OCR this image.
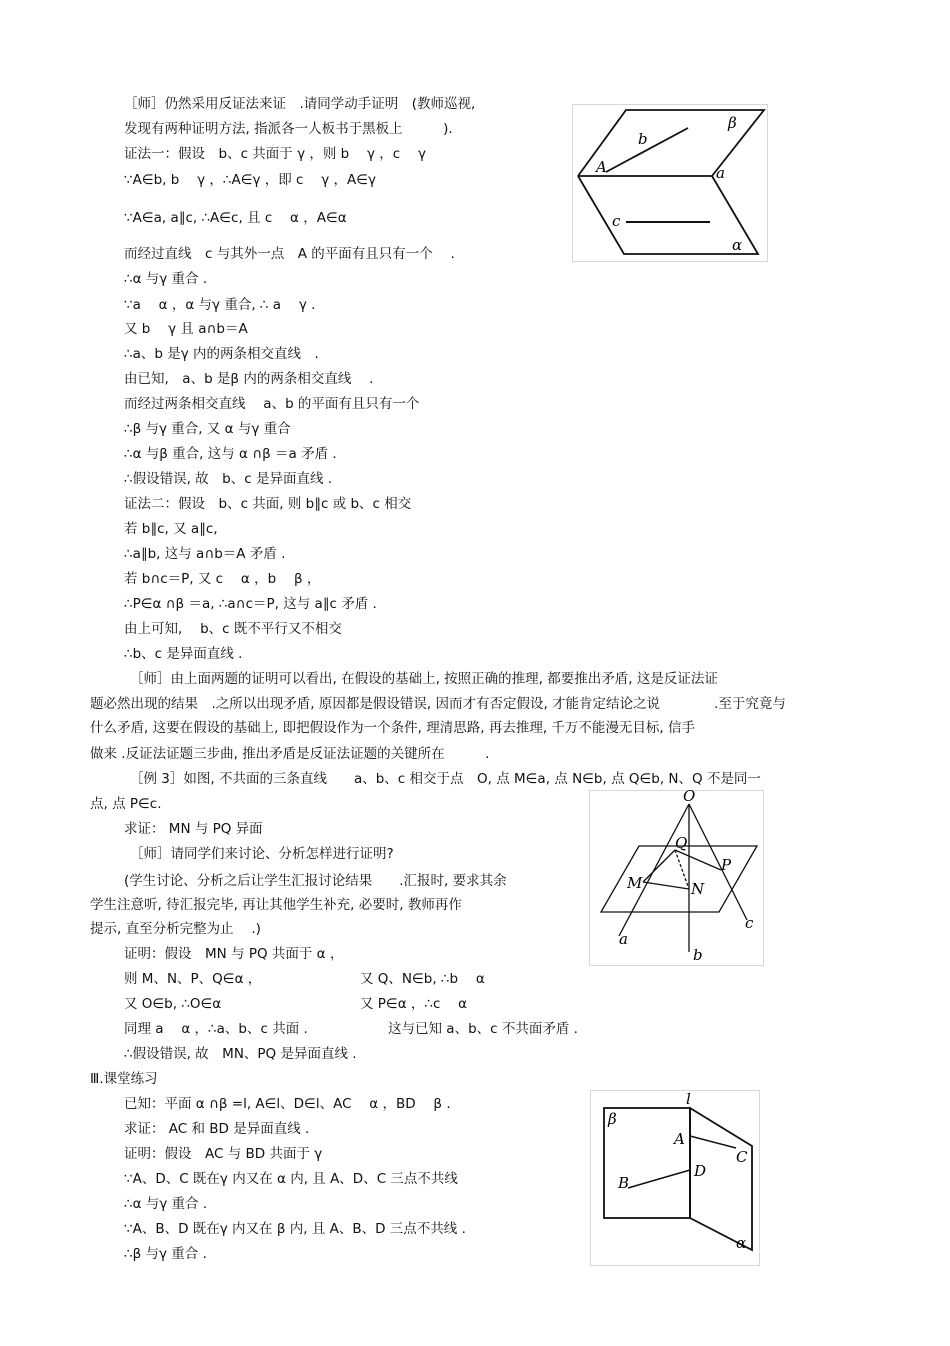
［师］仍然采用反证法来证　.请同学动手证明　(教师巡视,
发现有两种证明方法, 指派各一人板书于黑板上　　　).
证法一：假设　b、c 共面于 γ ，则 b　 γ ，c　 γ
∵A∈b, b　 γ ，∴A∈γ ，即 c　 γ ，A∈γ
∵A∈a, a∥c, ∴A∈c, 且 c　 α ，A∈α
而经过直线　c 与其外一点　A 的平面有且只有一个　 .
∴α 与γ 重合 .
∵a　 α ，α 与γ 重合, ∴ a　 γ .
又 b　 γ 且 a∩b＝A
∴a、b 是γ 内的两条相交直线　.
由已知,　a、b 是β 内的两条相交直线　 .
而经过两条相交直线　 a、b 的平面有且只有一个
∴β 与γ 重合, 又 α 与γ 重合
∴α 与β 重合, 这与 α ∩β ＝a 矛盾 .
∴假设错误, 故　b、c 是异面直线 .
证法二：假设　b、c 共面, 则 b∥c 或 b、c 相交
若 b∥c, 又 a∥c,
∴a∥b, 这与 a∩b＝A 矛盾 .
若 b∩c＝P, 又 c　 α ，b　 β ，
∴P∈α ∩β ＝a, ∴a∩c＝P, 这与 a∥c 矛盾 .
由上可知,　 b、c 既不平行又不相交
∴b、c 是异面直线 .
［师］由上面两题的证明可以看出, 在假设的基础上, 按照正确的推理, 都要推出矛盾, 这是反证法证
题必然出现的结果　.之所以出现矛盾, 原因都是假设错误, 因而才有否定假设, 才能肯定结论之说　　　　.至于究竟与
什么矛盾, 这要在假设的基础上, 即把假设作为一个条件, 理清思路, 再去推理, 千万不能漫无目标, 信手
做来 .反证法证题三步曲, 推出矛盾是反证法证题的关键所在　　　.
［例 3］如图, 不共面的三条直线　　a、b、c 相交于点　O, 点 M∈a, 点 N∈b, 点 Q∈b, N、Q 不是同一
点, 点 P∈c.
求证： MN 与 PQ 异面
［师］请同学们来讨论、分析怎样进行证明?
(学生讨论、分析之后让学生汇报讨论结果　　.汇报时, 要求其余
学生注意听, 待汇报完毕, 再让其他学生补充, 必要时, 教师再作
提示, 直至分析完整为止　 .)
证明：假设　MN 与 PQ 共面于 α ，
则 M、N、P、Q∈α ，	又 Q、N∈b, ∴b　 α
又 O∈b, ∴O∈α	又 P∈α ，∴c　 α
同理 a　 α ，∴a、b、c 共面 .	这与已知 a、b、c 不共面矛盾 .
∴假设错误, 故　MN、PQ 是异面直线 .
Ⅲ.课堂练习
已知：平面 α ∩β =l, A∈l、D∈l、AC　 α ，BD　 β .
求证： AC 和 BD 是异面直线 .
证明：假设　AC 与 BD 共面于 γ
∵A、D、C 既在γ 内又在 α 内, 且 A、D、C 三点不共线
∴α 与γ 重合 .
∵A、B、D 既在γ 内又在 β 内, 且 A、B、D 三点不共线 .
∴β 与γ 重合 .
A
b
β
a
c
α
O
Q
P
M	N
a
b
c
l
β
A
C
D
B
α
